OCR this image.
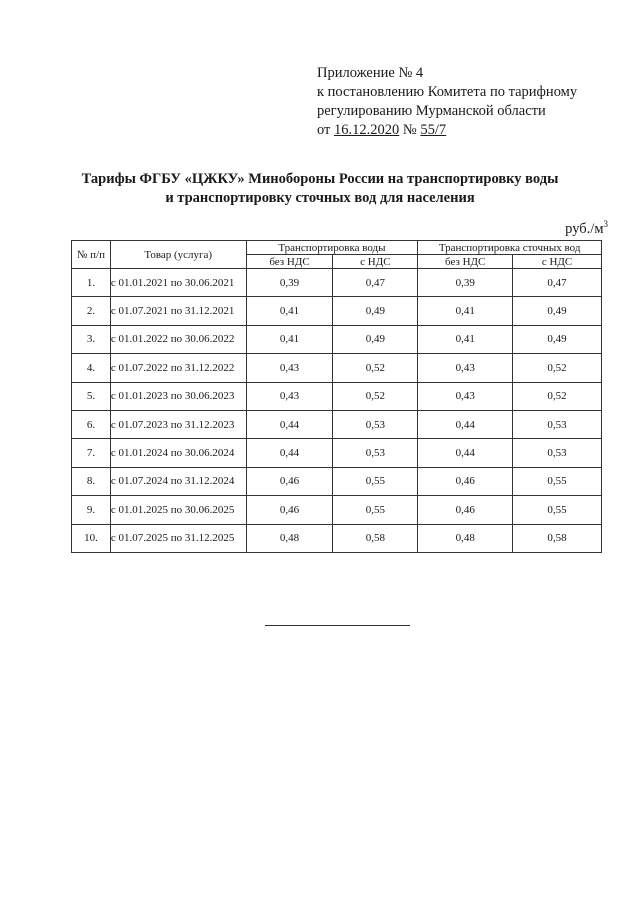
Приложение № 4
к постановлению Комитета по тарифному
регулированию Мурманской области
от 16.12.2020 № 55/7
Тарифы ФГБУ «ЦЖКУ» Минобороны России на транспортировку воды
и транспортировку сточных вод для населения
$руб./м^3$
№ п/п	Товар (услуга)	Транспортировка воды		Транспортировка сточных вод	
		без НДС	с НДС	без НДС	с НДС
1.	с 01.01.2021 по 30.06.2021	0,39	0,47	0,39	0,47
2.	с 01.07.2021 по 31.12.2021	0,41	0,49	0,41	0,49
3.	с 01.01.2022 по 30.06.2022	0,41	0,49	0,41	0,49
4.	с 01.07.2022 по 31.12.2022	0,43	0,52	0,43	0,52
5.	с 01.01.2023 по 30.06.2023	0,43	0,52	0,43	0,52
6.	с 01.07.2023 по 31.12.2023	0,44	0,53	0,44	0,53
7.	с 01.01.2024 по 30.06.2024	0,44	0,53	0,44	0,53
8.	с 01.07.2024 по 31.12.2024	0,46	0,55	0,46	0,55
9.	с 01.01.2025 по 30.06.2025	0,46	0,55	0,46	0,55
10.	с 01.07.2025 по 31.12.2025	0,48	0,58	0,48	0,58
